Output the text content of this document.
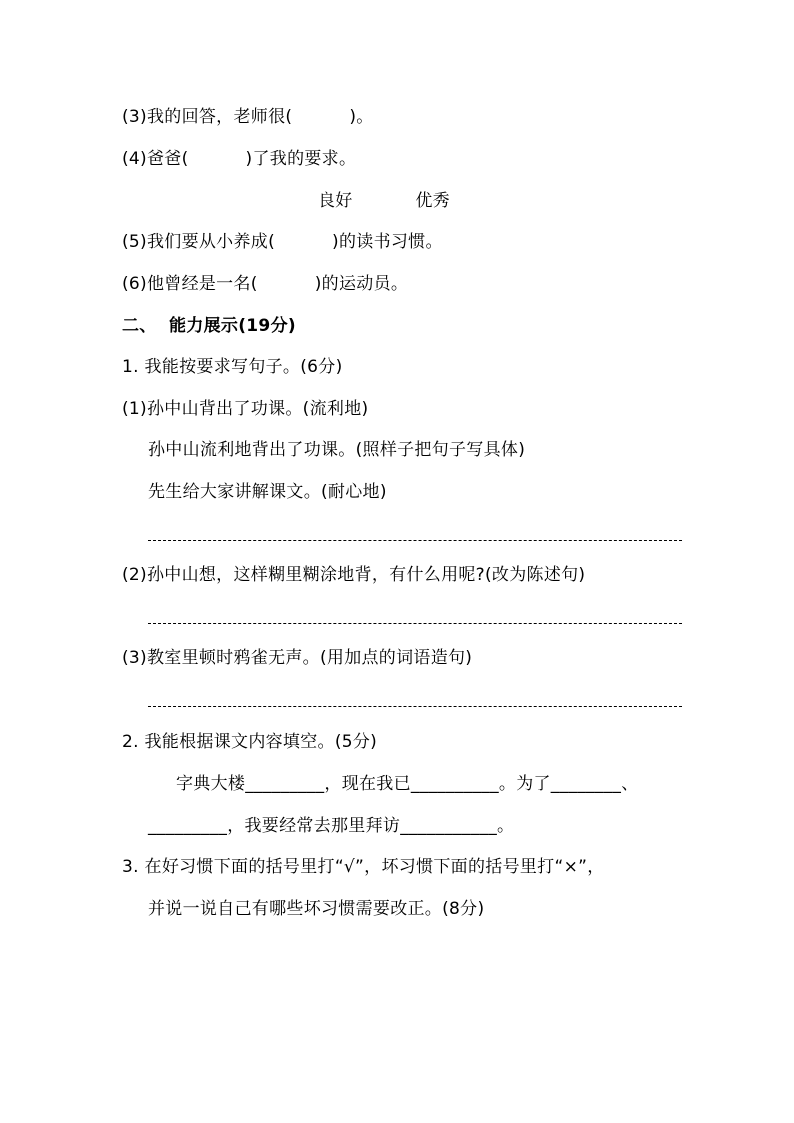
(3)我的回答，老师很(          )。
(4)爸爸(          )了我的要求。
良好           优秀
(5)我们要从小养成(          )的读书习惯。
(6)他曾经是一名(          )的运动员。
二、  能力展示(19分)
1. 我能按要求写句子。(6分)
(1)孙中山背出了功课。(流利地)
孙中山流利地背出了功课。(照样子把句子写具体)
先生给大家讲解课文。(耐心地)
(2)孙中山想，这样糊里糊涂地背，有什么用呢?(改为陈述句)
(3)教室里顿时鸦雀无声。(用加点的词语造句)
2. 我能根据课文内容填空。(5分)
字典大楼_________，现在我已__________。为了________、
_________，我要经常去那里拜访___________。
3. 在好习惯下面的括号里打“√”，坏习惯下面的括号里打“×”，
并说一说自己有哪些坏习惯需要改正。(8分)
